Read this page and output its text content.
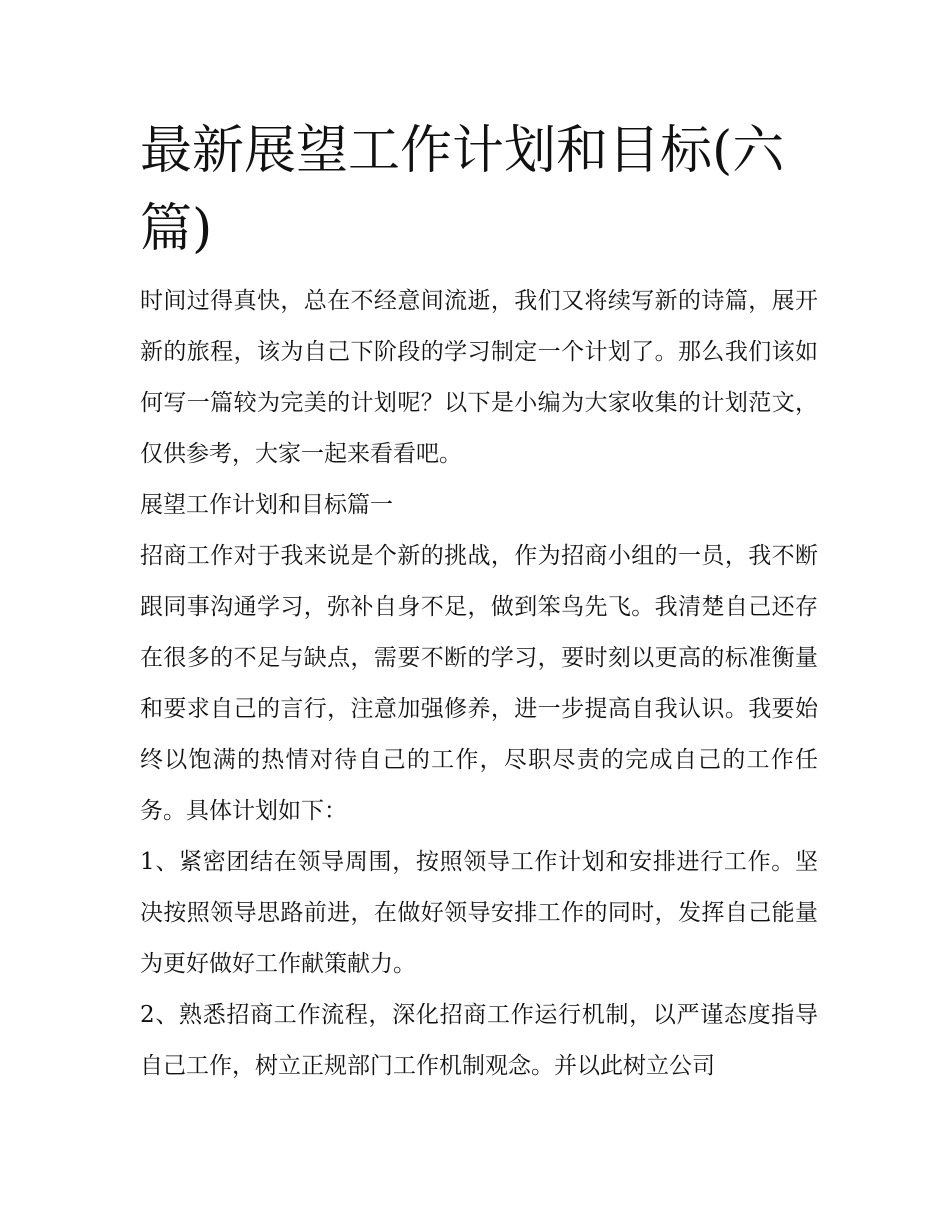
最新展望工作计划和目标(六篇)

时间过得真快，总在不经意间流逝，我们又将续写新的诗篇，展开新的旅程，该为自己下阶段的学习制定一个计划了。那么我们该如何写一篇较为完美的计划呢？以下是小编为大家收集的计划范文，仅供参考，大家一起来看看吧。

展望工作计划和目标篇一

招商工作对于我来说是个新的挑战，作为招商小组的一员，我不断跟同事沟通学习，弥补自身不足，做到笨鸟先飞。我清楚自己还存在很多的不足与缺点，需要不断的学习，要时刻以更高的标准衡量和要求自己的言行，注意加强修养，进一步提高自我认识。我要始终以饱满的热情对待自己的工作，尽职尽责的完成自己的工作任务。具体计划如下：

1、紧密团结在领导周围，按照领导工作计划和安排进行工作。坚决按照领导思路前进，在做好领导安排工作的同时，发挥自己能量为更好做好工作献策献力。

2、熟悉招商工作流程，深化招商工作运行机制，以严谨态度指导自己工作，树立正规部门工作机制观念。并以此树立公司
